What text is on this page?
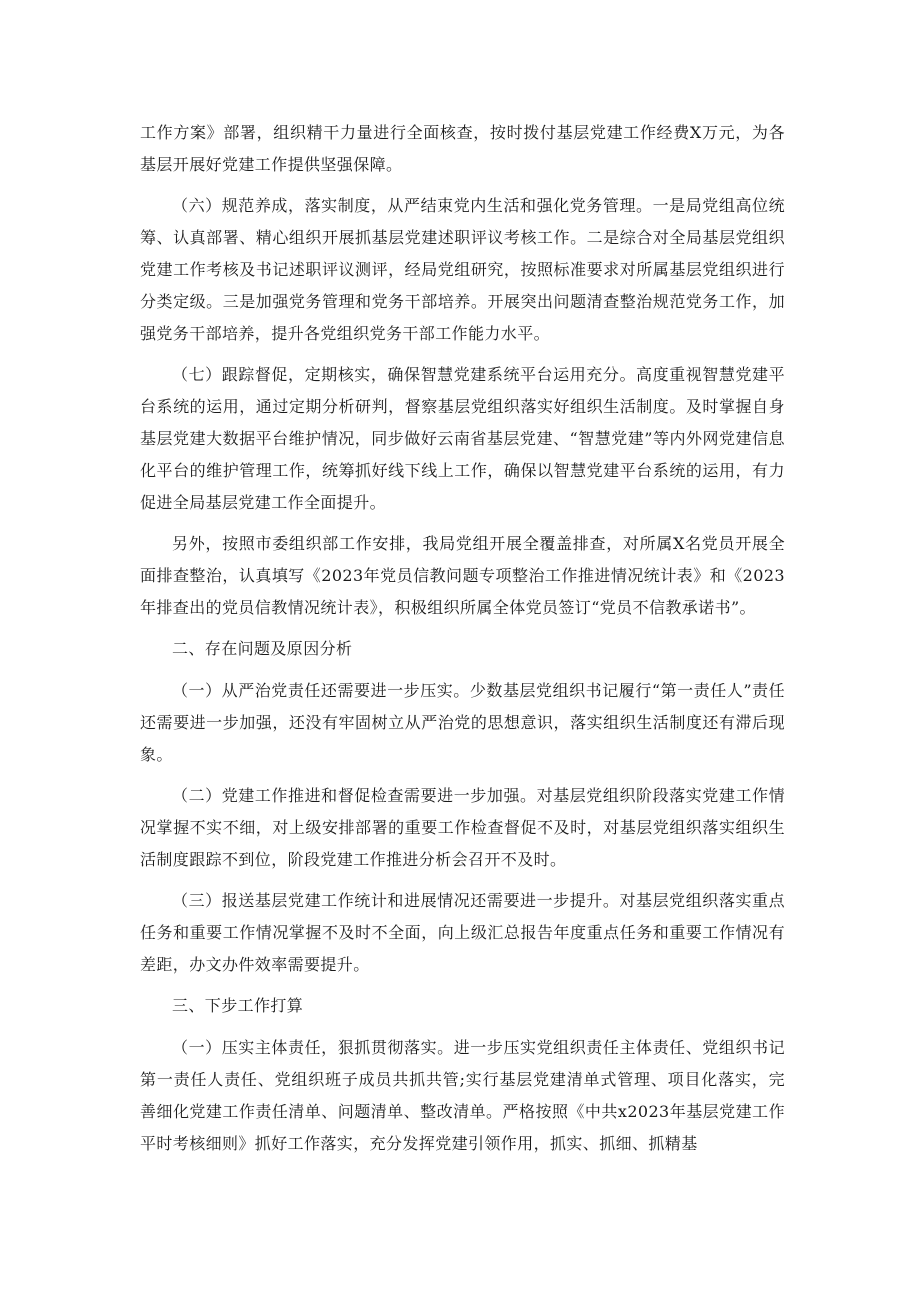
工作方案》部署，组织精干力量进行全面核查，按时拨付基层党建工作经费X万元，为各基层开展好党建工作提供坚强保障。

（六）规范养成，落实制度，从严结束党内生活和强化党务管理。一是局党组高位统筹、认真部署、精心组织开展抓基层党建述职评议考核工作。二是综合对全局基层党组织党建工作考核及书记述职评议测评，经局党组研究，按照标准要求对所属基层党组织进行分类定级。三是加强党务管理和党务干部培养。开展突出问题清查整治规范党务工作，加强党务干部培养，提升各党组织党务干部工作能力水平。

（七）跟踪督促，定期核实，确保智慧党建系统平台运用充分。高度重视智慧党建平台系统的运用，通过定期分析研判，督察基层党组织落实好组织生活制度。及时掌握自身基层党建大数据平台维护情况，同步做好云南省基层党建、“智慧党建”等内外网党建信息化平台的维护管理工作，统筹抓好线下线上工作，确保以智慧党建平台系统的运用，有力促进全局基层党建工作全面提升。

另外，按照市委组织部工作安排，我局党组开展全覆盖排查，对所属X名党员开展全面排查整治，认真填写《2023年党员信教问题专项整治工作推进情况统计表》和《2023年排查出的党员信教情况统计表》，积极组织所属全体党员签订“党员不信教承诺书”。

二、存在问题及原因分析

（一）从严治党责任还需要进一步压实。少数基层党组织书记履行“第一责任人”责任还需要进一步加强，还没有牢固树立从严治党的思想意识，落实组织生活制度还有滞后现象。

（二）党建工作推进和督促检查需要进一步加强。对基层党组织阶段落实党建工作情况掌握不实不细，对上级安排部署的重要工作检查督促不及时，对基层党组织落实组织生活制度跟踪不到位，阶段党建工作推进分析会召开不及时。

（三）报送基层党建工作统计和进展情况还需要进一步提升。对基层党组织落实重点任务和重要工作情况掌握不及时不全面，向上级汇总报告年度重点任务和重要工作情况有差距，办文办件效率需要提升。

三、下步工作打算

（一）压实主体责任，狠抓贯彻落实。进一步压实党组织责任主体责任、党组织书记第一责任人责任、党组织班子成员共抓共管;实行基层党建清单式管理、项目化落实，完善细化党建工作责任清单、问题清单、整改清单。严格按照《中共x2023年基层党建工作平时考核细则》抓好工作落实，充分发挥党建引领作用，抓实、抓细、抓精基
